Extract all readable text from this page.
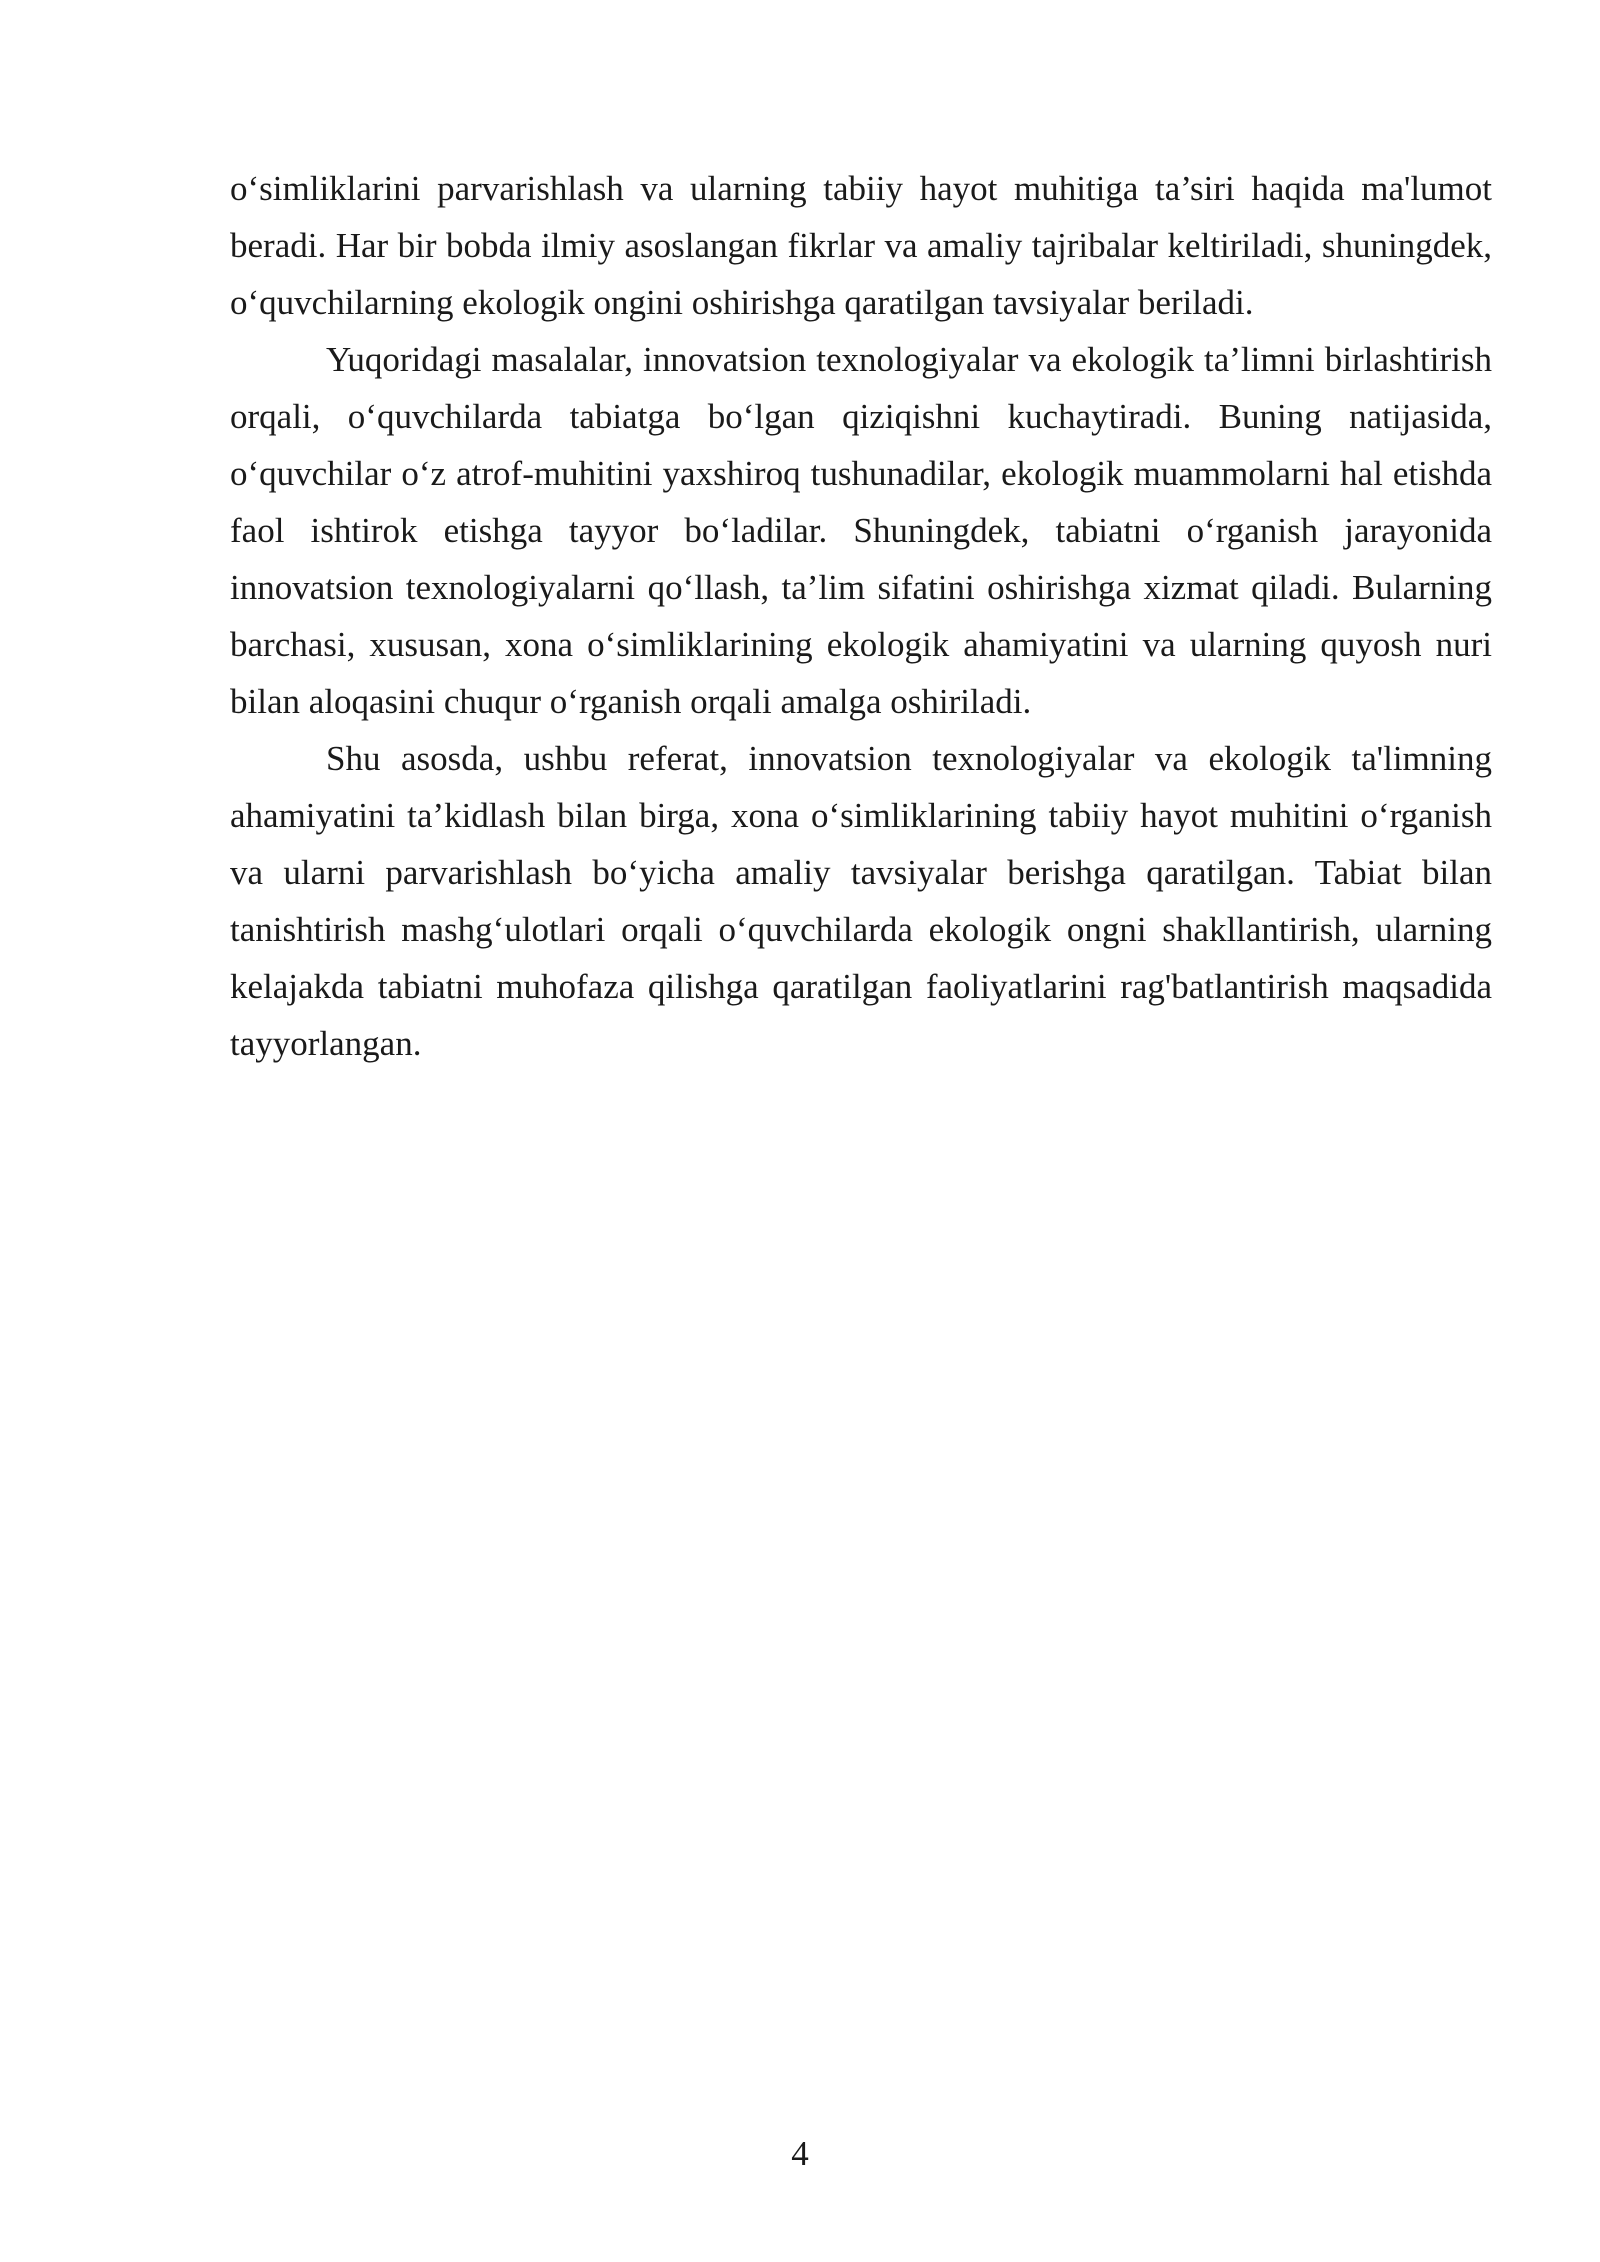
o‘simliklarini parvarishlash va ularning tabiiy hayot muhitiga ta’siri haqida ma'lumot beradi. Har bir bobda ilmiy asoslangan fikrlar va amaliy tajribalar keltiriladi, shuningdek, o‘quvchilarning ekologik ongini oshirishga qaratilgan tavsiyalar beriladi.

Yuqoridagi masalalar, innovatsion texnologiyalar va ekologik ta’limni birlashtirish orqali, o‘quvchilarda tabiatga bo‘lgan qiziqishni kuchaytiradi. Buning natijasida, o‘quvchilar o‘z atrof-muhitini yaxshiroq tushunadilar, ekologik muammolarni hal etishda faol ishtirok etishga tayyor bo‘ladilar. Shuningdek, tabiatni o‘rganish jarayonida innovatsion texnologiyalarni qo‘llash, ta’lim sifatini oshirishga xizmat qiladi. Bularning barchasi, xususan, xona o‘simliklarining ekologik ahamiyatini va ularning quyosh nuri bilan aloqasini chuqur o‘rganish orqali amalga oshiriladi.

Shu asosda, ushbu referat, innovatsion texnologiyalar va ekologik ta'limning ahamiyatini ta’kidlash bilan birga, xona o‘simliklarining tabiiy hayot muhitini o‘rganish va ularni parvarishlash bo‘yicha amaliy tavsiyalar berishga qaratilgan. Tabiat bilan tanishtirish mashg‘ulotlari orqali o‘quvchilarda ekologik ongni shakllantirish, ularning kelajakda tabiatni muhofaza qilishga qaratilgan faoliyatlarini rag'batlantirish maqsadida tayyorlangan.

4
